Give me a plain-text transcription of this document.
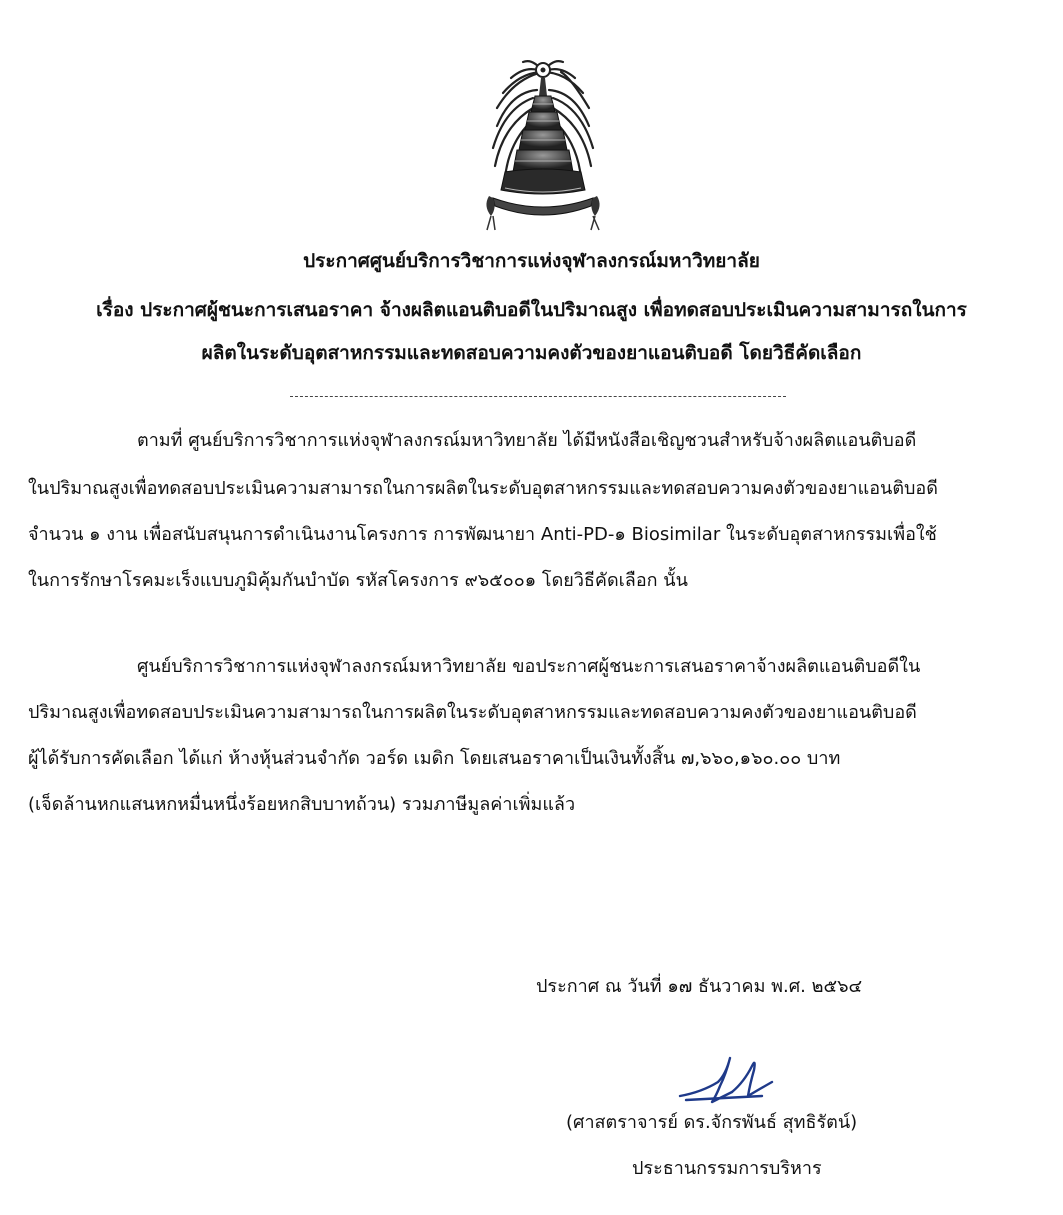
ประกาศศูนย์บริการวิชาการแห่งจุฬาลงกรณ์มหาวิทยาลัย
เรื่อง ประกาศผู้ชนะการเสนอราคา จ้างผลิตแอนติบอดีในปริมาณสูง เพื่อทดสอบประเมินความสามารถในการ
ผลิตในระดับอุตสาหกรรมและทดสอบความคงตัวของยาแอนติบอดี โดยวิธีคัดเลือก
ตามที่ ศูนย์บริการวิชาการแห่งจุฬาลงกรณ์มหาวิทยาลัย ได้มีหนังสือเชิญชวนสำหรับจ้างผลิตแอนติบอดี
ในปริมาณสูงเพื่อทดสอบประเมินความสามารถในการผลิตในระดับอุตสาหกรรมและทดสอบความคงตัวของยาแอนติบอดี
จำนวน ๑ งาน เพื่อสนับสนุนการดำเนินงานโครงการ การพัฒนายา Anti-PD-๑ Biosimilar ในระดับอุตสาหกรรมเพื่อใช้
ในการรักษาโรคมะเร็งแบบภูมิคุ้มกันบำบัด รหัสโครงการ ๙๖๕๐๐๑ โดยวิธีคัดเลือก นั้น
ศูนย์บริการวิชาการแห่งจุฬาลงกรณ์มหาวิทยาลัย ขอประกาศผู้ชนะการเสนอราคาจ้างผลิตแอนติบอดีใน
ปริมาณสูงเพื่อทดสอบประเมินความสามารถในการผลิตในระดับอุตสาหกรรมและทดสอบความคงตัวของยาแอนติบอดี
ผู้ได้รับการคัดเลือก ได้แก่ ห้างหุ้นส่วนจำกัด วอร์ด เมดิก โดยเสนอราคาเป็นเงินทั้งสิ้น ๗,๖๖๐,๑๖๐.๐๐ บาท
(เจ็ดล้านหกแสนหกหมื่นหนึ่งร้อยหกสิบบาทถ้วน) รวมภาษีมูลค่าเพิ่มแล้ว
ประกาศ ณ วันที่ ๑๗ ธันวาคม พ.ศ. ๒๕๖๔
(ศาสตราจารย์ ดร.จักรพันธ์ สุทธิรัตน์)
ประธานกรรมการบริหาร
